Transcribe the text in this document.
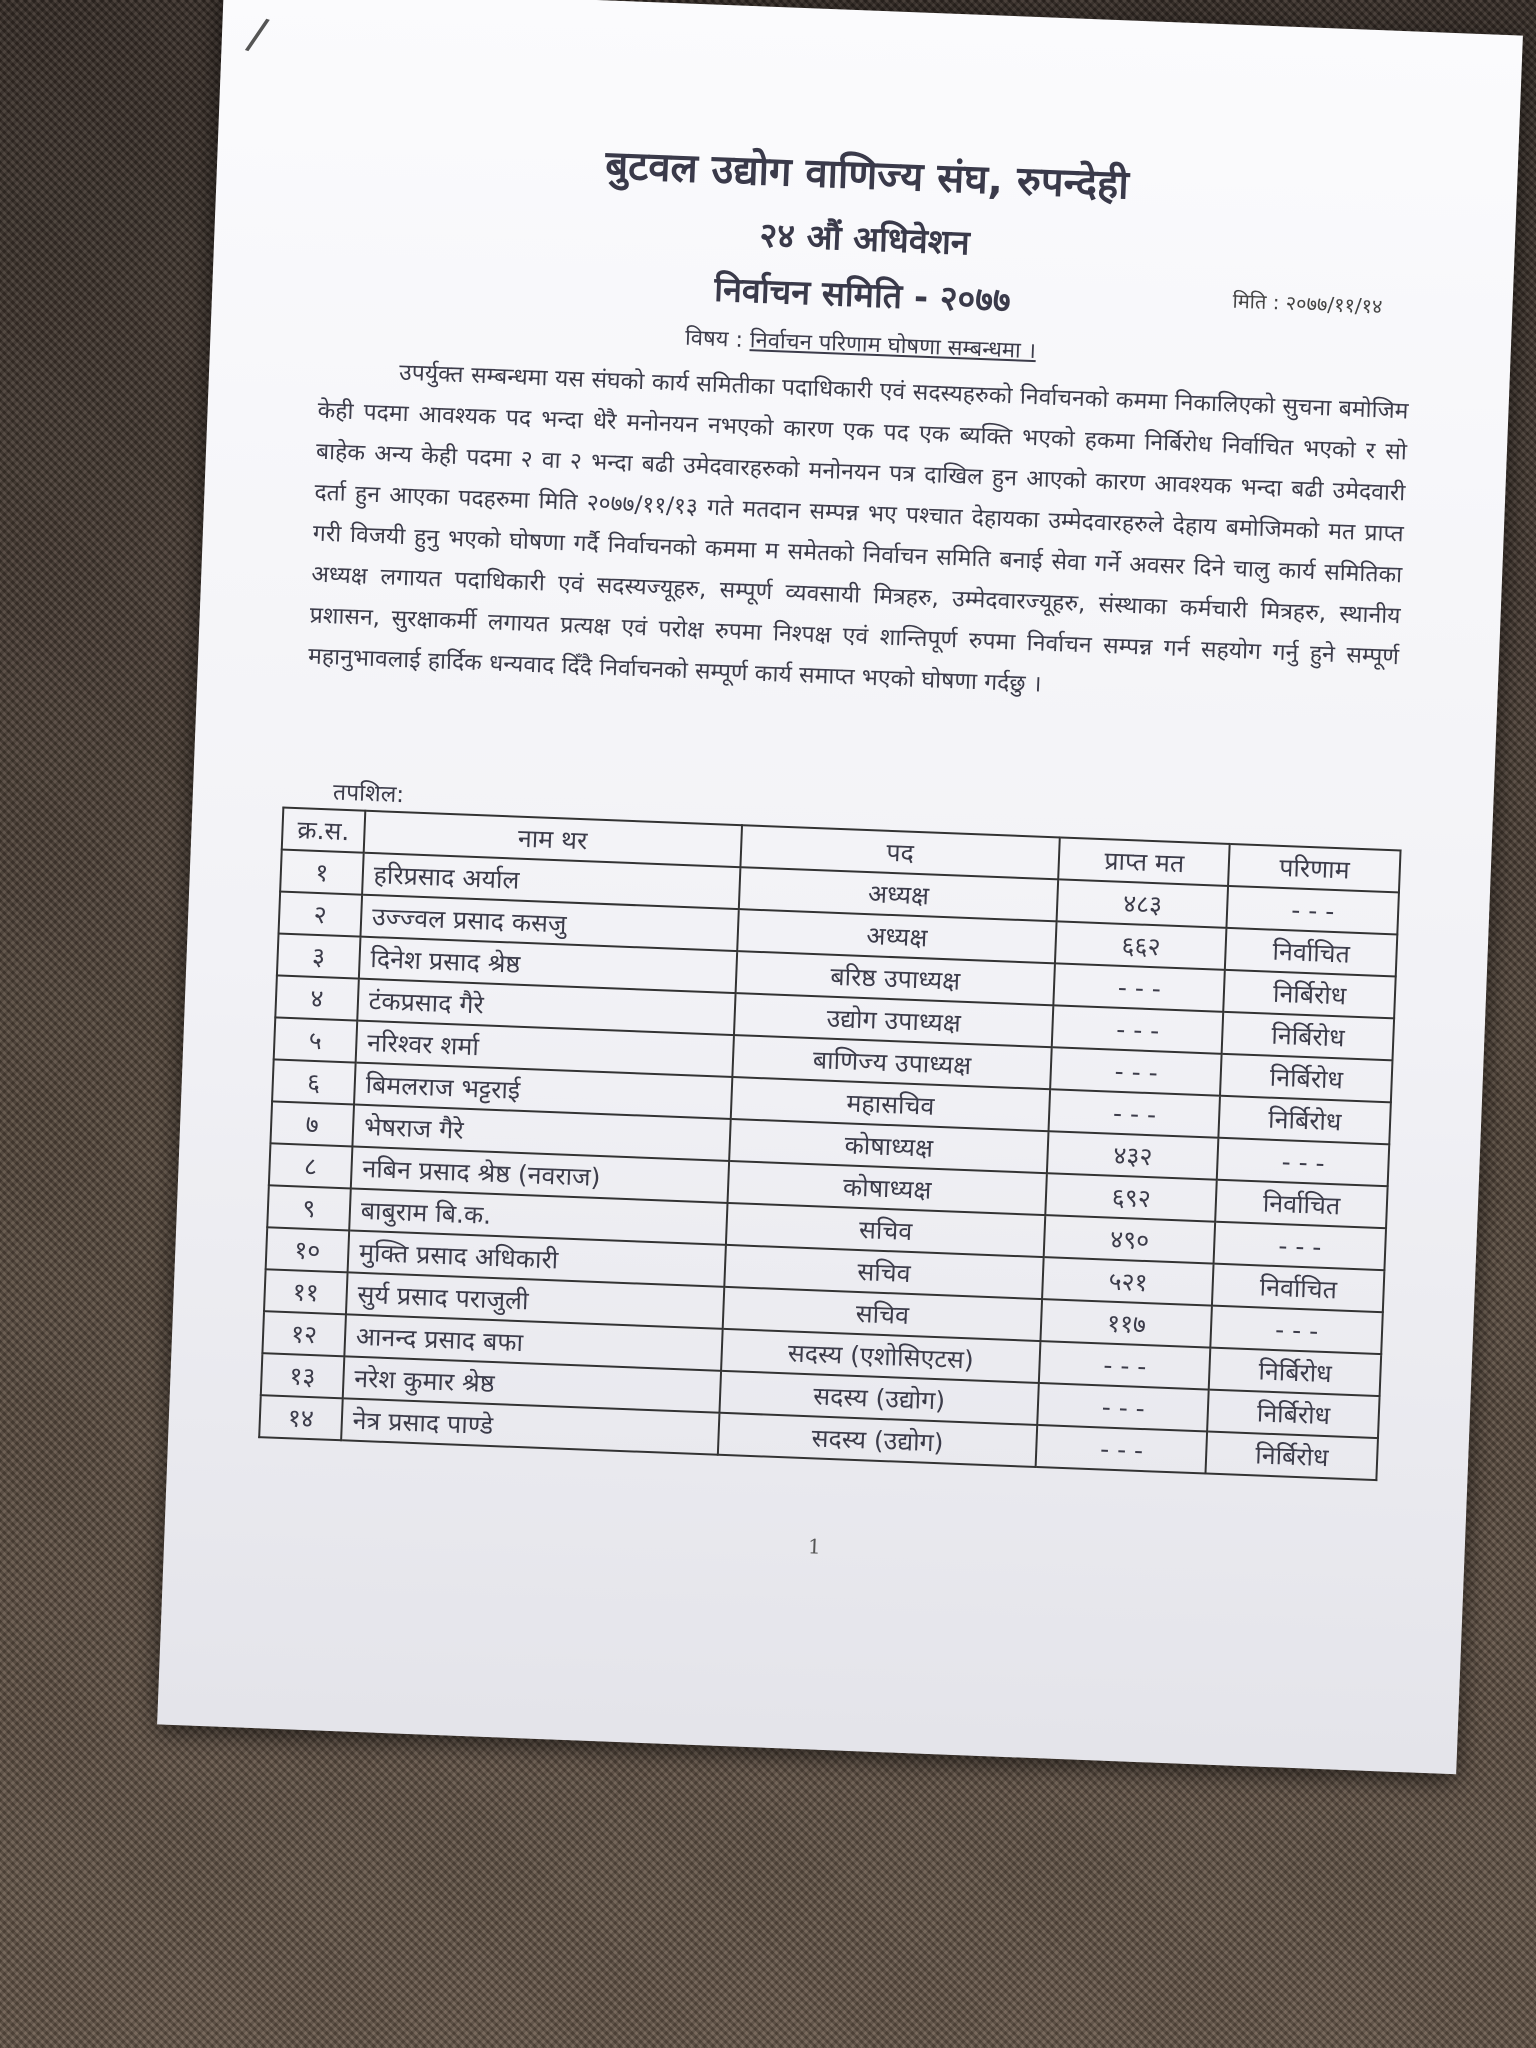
/
बुटवल उद्योग वाणिज्य संघ, रुपन्देही
२४ औं अधिवेशन
निर्वाचन समिति - २०७७	मिति : २०७७/११/१४
विषय : निर्वाचन परिणाम घोषणा सम्बन्धमा ।

उपर्युक्त सम्बन्धमा यस संघको कार्य समितीका पदाधिकारी एवं सदस्यहरुको निर्वाचनको कममा निकालिएको सुचना बमोजिम केही पदमा आवश्यक पद भन्दा धेरै मनोनयन नभएको कारण एक पद एक ब्यक्ति भएको हकमा निर्बिरोध निर्वाचित भएको र सो बाहेक अन्य केही पदमा २ वा २ भन्दा बढी उमेदवारहरुको मनोनयन पत्र दाखिल हुन आएको कारण आवश्यक भन्दा बढी उमेदवारी दर्ता हुन आएका पदहरुमा मिति २०७७/११/१३ गते मतदान सम्पन्न भए पश्चात देहायका उम्मेदवारहरुले देहाय बमोजिमको मत प्राप्त गरी विजयी हुनु भएको घोषणा गर्दै निर्वाचनको कममा म समेतको निर्वाचन समिति बनाई सेवा गर्ने अवसर दिने चालु कार्य समितिका अध्यक्ष लगायत पदाधिकारी एवं सदस्यज्यूहरु, सम्पूर्ण व्यवसायी मित्रहरु, उम्मेदवारज्यूहरु, संस्थाका कर्मचारी मित्रहरु, स्थानीय प्रशासन, सुरक्षाकर्मी लगायत प्रत्यक्ष एवं परोक्ष रुपमा निश्पक्ष एवं शान्तिपूर्ण रुपमा निर्वाचन सम्पन्न गर्न सहयोग गर्नु हुने सम्पूर्ण महानुभावलाई हार्दिक धन्यवाद दिँदै निर्वाचनको सम्पूर्ण कार्य समाप्त भएको घोषणा गर्दछु ।

तपशिल:
क्र.स.	नाम थर	पद	प्राप्त मत	परिणाम
१	हरिप्रसाद अर्याल	अध्यक्ष	४८३	- - -
२	उज्ज्वल प्रसाद कसजु	अध्यक्ष	६६२	निर्वाचित
३	दिनेश प्रसाद श्रेष्ठ	बरिष्ठ उपाध्यक्ष	- - -	निर्बिरोध
४	टंकप्रसाद गैरे	उद्योग उपाध्यक्ष	- - -	निर्बिरोध
५	नरिश्वर शर्मा	बाणिज्य उपाध्यक्ष	- - -	निर्बिरोध
६	बिमलराज भट्टराई	महासचिव	- - -	निर्बिरोध
७	भेषराज गैरे	कोषाध्यक्ष	४३२	- - -
८	नबिन प्रसाद श्रेष्ठ (नवराज)	कोषाध्यक्ष	६९२	निर्वाचित
९	बाबुराम बि.क.	सचिव	४९०	- - -
१०	मुक्ति प्रसाद अधिकारी	सचिव	५२१	निर्वाचित
११	सुर्य प्रसाद पराजुली	सचिव	११७	- - -
१२	आनन्द प्रसाद बफा	सदस्य (एशोसिएटस)	- - -	निर्बिरोध
१३	नरेश कुमार श्रेष्ठ	सदस्य (उद्योग)	- - -	निर्बिरोध
१४	नेत्र प्रसाद पाण्डे	सदस्य (उद्योग)	- - -	निर्बिरोध
1
